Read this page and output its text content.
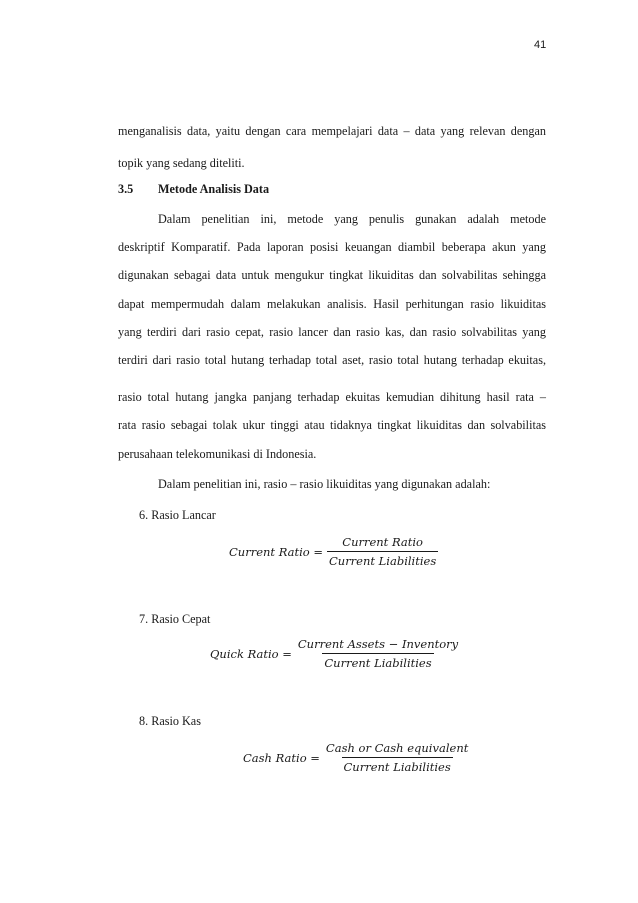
41
menganalisis data, yaitu dengan cara mempelajari data – data yang relevan dengan
topik yang sedang diteliti.
3.5 Metode Analisis Data
Dalam penelitian ini, metode yang penulis gunakan adalah metode
deskriptif Komparatif. Pada laporan posisi keuangan diambil beberapa akun yang
digunakan sebagai data untuk mengukur tingkat likuiditas dan solvabilitas sehingga
dapat mempermudah dalam melakukan analisis. Hasil perhitungan rasio likuiditas
yang terdiri dari rasio cepat, rasio lancer dan rasio kas, dan rasio solvabilitas yang
terdiri dari rasio total hutang terhadap total aset, rasio total hutang terhadap ekuitas,
rasio total hutang jangka panjang terhadap ekuitas kemudian dihitung hasil rata –
rata rasio sebagai tolak ukur tinggi atau tidaknya tingkat likuiditas dan solvabilitas
perusahaan telekomunikasi di Indonesia.
Dalam penelitian ini, rasio – rasio likuiditas yang digunakan adalah:
6. Rasio Lancar
Current Ratio = $\frac{\text{Current Ratio}}{\text{Current Liabilities}}$
7. Rasio Cepat
Quick Ratio = $\frac{\text{Current Assets − Inventory}}{\text{Current Liabilities}}$
8. Rasio Kas
Cash Ratio = $\frac{\text{Cash or Cash equivalent}}{\text{Current Liabilities}}$
